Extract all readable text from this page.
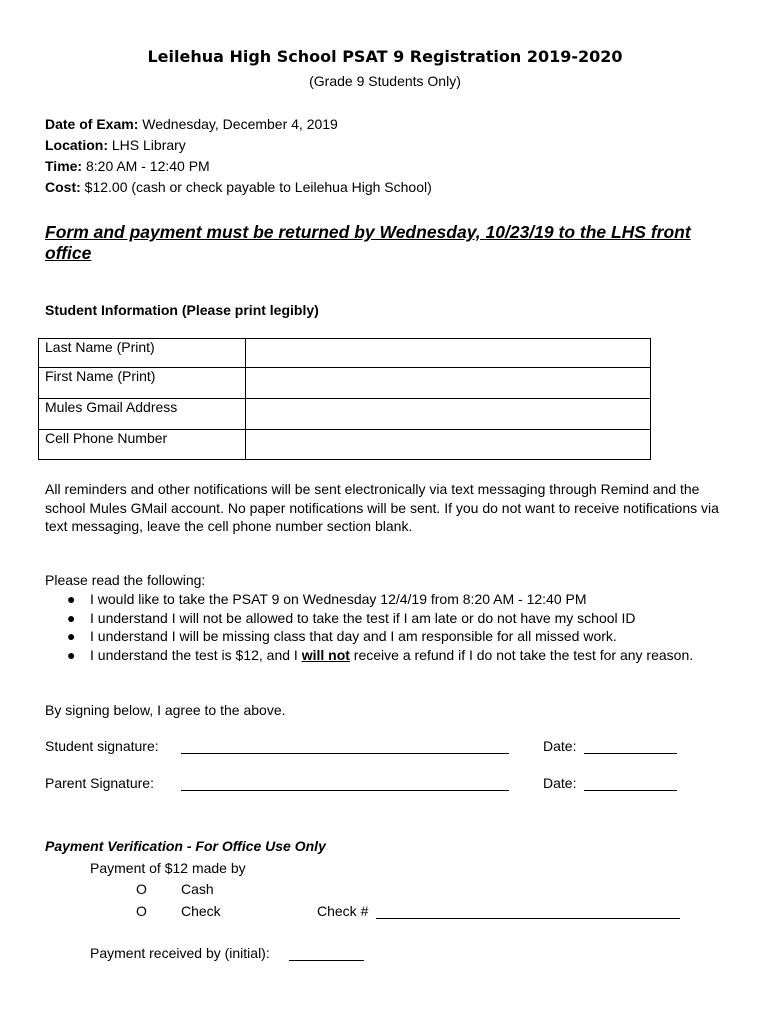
Leilehua High School PSAT 9 Registration 2019-2020
(Grade 9 Students Only)
Date of Exam: Wednesday, December 4, 2019
Location: LHS Library
Time: 8:20 AM - 12:40 PM
Cost: $12.00 (cash or check payable to Leilehua High School)
Form and payment must be returned by Wednesday, 10/23/19 to the LHS front office
Student Information (Please print legibly)
Last Name (Print)	
First Name (Print)	
Mules Gmail Address	
Cell Phone Number	
All reminders and other notifications will be sent electronically via text messaging through Remind and the school Mules GMail account. No paper notifications will be sent. If you do not want to receive notifications via text messaging, leave the cell phone number section blank.
Please read the following:
● I would like to take the PSAT 9 on Wednesday 12/4/19 from 8:20 AM - 12:40 PM
● I understand I will not be allowed to take the test if I am late or do not have my school ID
● I understand I will be missing class that day and I am responsible for all missed work.
● I understand the test is $12, and I will not receive a refund if I do not take the test for any reason.
By signing below, I agree to the above.
Student signature:	Date:
Parent Signature:	Date:
Payment Verification - For Office Use Only
Payment of $12 made by
O Cash
O Check	Check #
Payment received by (initial):
